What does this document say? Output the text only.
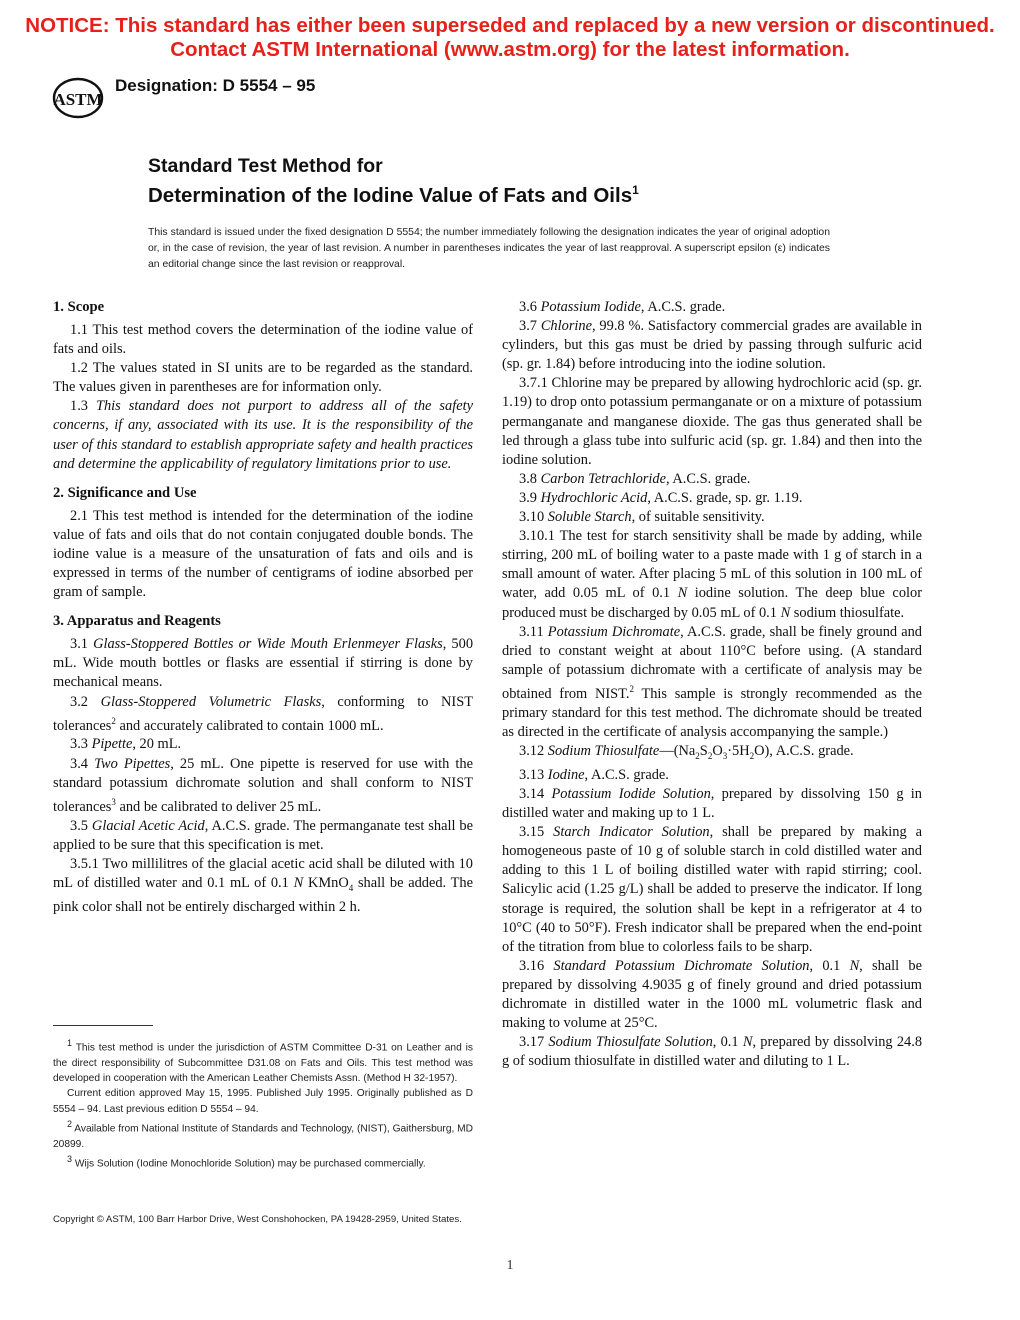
NOTICE: This standard has either been superseded and replaced by a new version or discontinued.
Contact ASTM International (www.astm.org) for the latest information.
ASTM
Designation: D 5554 – 95
Standard Test Method for
Determination of the Iodine Value of Fats and Oils$^1$
This standard is issued under the fixed designation D 5554; the number immediately following the designation indicates the year of original adoption or, in the case of revision, the year of last revision. A number in parentheses indicates the year of last reapproval. A superscript epsilon (ε) indicates an editorial change since the last revision or reapproval.
1. Scope

1.1 This test method covers the determination of the iodine value of fats and oils.

1.2 The values stated in SI units are to be regarded as the standard. The values given in parentheses are for information only.

1.3 This standard does not purport to address all of the safety concerns, if any, associated with its use. It is the responsibility of the user of this standard to establish appropriate safety and health practices and determine the applicability of regulatory limitations prior to use.

2. Significance and Use

2.1 This test method is intended for the determination of the iodine value of fats and oils that do not contain conjugated double bonds. The iodine value is a measure of the unsaturation of fats and oils and is expressed in terms of the number of centigrams of iodine absorbed per gram of sample.

3. Apparatus and Reagents

3.1 Glass-Stoppered Bottles or Wide Mouth Erlenmeyer Flasks, 500 mL. Wide mouth bottles or flasks are essential if stirring is done by mechanical means.

3.2 Glass-Stoppered Volumetric Flasks, conforming to NIST tolerances$^2$ and accurately calibrated to contain 1000 mL.

3.3 Pipette, 20 mL.

3.4 Two Pipettes, 25 mL. One pipette is reserved for use with the standard potassium dichromate solution and shall conform to NIST tolerances$^3$ and be calibrated to deliver 25 mL.

3.5 Glacial Acetic Acid, A.C.S. grade. The permanganate test shall be applied to be sure that this specification is met.

3.5.1 Two millilitres of the glacial acetic acid shall be diluted with 10 mL of distilled water and 0.1 mL of 0.1 N KMnO$_4$ shall be added. The pink color shall not be entirely discharged within 2 h.

$^1$ This test method is under the jurisdiction of ASTM Committee D-31 on Leather and is the direct responsibility of Subcommittee D31.08 on Fats and Oils. This test method was developed in cooperation with the American Leather Chemists Assn. (Method H 32-1957).

Current edition approved May 15, 1995. Published July 1995. Originally published as D 5554 – 94. Last previous edition D 5554 – 94.

$^2$ Available from National Institute of Standards and Technology, (NIST), Gaithersburg, MD 20899.

$^3$ Wijs Solution (Iodine Monochloride Solution) may be purchased commercially.

3.6 Potassium Iodide, A.C.S. grade.

3.7 Chlorine, 99.8 %. Satisfactory commercial grades are available in cylinders, but this gas must be dried by passing through sulfuric acid (sp. gr. 1.84) before introducing into the iodine solution.

3.7.1 Chlorine may be prepared by allowing hydrochloric acid (sp. gr. 1.19) to drop onto potassium permanganate or on a mixture of potassium permanganate and manganese dioxide. The gas thus generated shall be led through a glass tube into sulfuric acid (sp. gr. 1.84) and then into the iodine solution.

3.8 Carbon Tetrachloride, A.C.S. grade.

3.9 Hydrochloric Acid, A.C.S. grade, sp. gr. 1.19.

3.10 Soluble Starch, of suitable sensitivity.

3.10.1 The test for starch sensitivity shall be made by adding, while stirring, 200 mL of boiling water to a paste made with 1 g of starch in a small amount of water. After placing 5 mL of this solution in 100 mL of water, add 0.05 mL of 0.1 N iodine solution. The deep blue color produced must be discharged by 0.05 mL of 0.1 N sodium thiosulfate.

3.11 Potassium Dichromate, A.C.S. grade, shall be finely ground and dried to constant weight at about 110°C before using. (A standard sample of potassium dichromate with a certificate of analysis may be obtained from NIST.$^2$ This sample is strongly recommended as the primary standard for this test method. The dichromate should be treated as directed in the certificate of analysis accompanying the sample.)

3.12 Sodium $Thiosulfate—(Na_2S_2O_3\cdot 5H_2O)$, A.C.S. grade.

3.13 Iodine, A.C.S. grade.

3.14 Potassium Iodide Solution, prepared by dissolving 150 g in distilled water and making up to 1 L.

3.15 Starch Indicator Solution, shall be prepared by making a homogeneous paste of 10 g of soluble starch in cold distilled water and adding to this 1 L of boiling distilled water with rapid stirring; cool. Salicylic acid (1.25 g/L) shall be added to preserve the indicator. If long storage is required, the solution shall be kept in a refrigerator at 4 to 10°C (40 to 50°F). Fresh indicator shall be prepared when the end-point of the titration from blue to colorless fails to be sharp.

3.16 Standard Potassium Dichromate Solution, 0.1 N, shall be prepared by dissolving 4.9035 g of finely ground and dried potassium dichromate in distilled water in the 1000 mL volumetric flask and making to volume at 25°C.

3.17 Sodium Thiosulfate Solution, 0.1 N, prepared by dissolving 24.8 g of sodium thiosulfate in distilled water and diluting to 1 L.

Copyright © ASTM, 100 Barr Harbor Drive, West Conshohocken, PA 19428-2959, United States.
1
